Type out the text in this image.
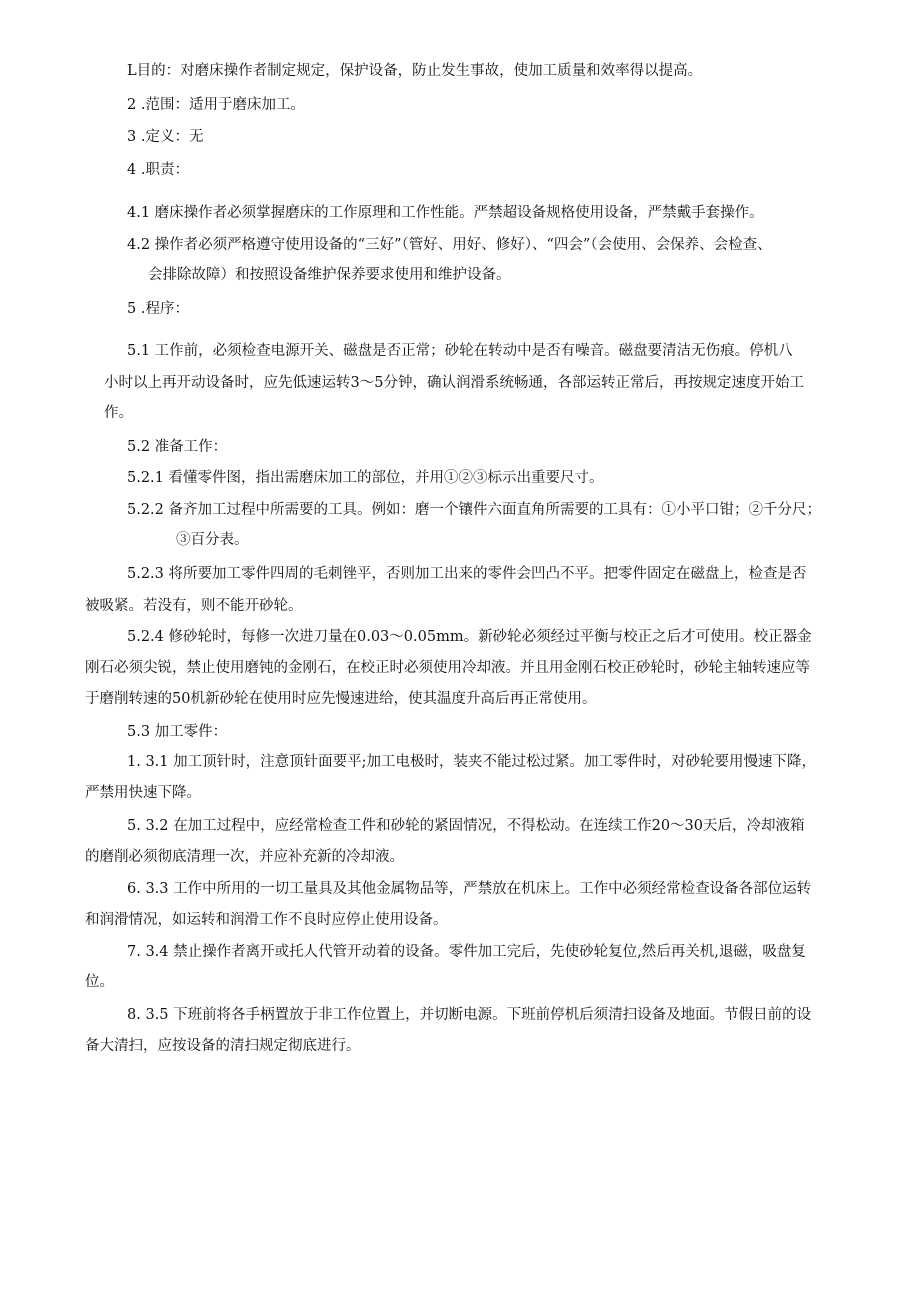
L目的：对磨床操作者制定规定，保护设备，防止发生事故，使加工质量和效率得以提高。
2 .范围：适用于磨床加工。
3 .定义：无
4 .职责：
4.1 磨床操作者必须掌握磨床的工作原理和工作性能。严禁超设备规格使用设备，严禁戴手套操作。
4.2 操作者必须严格遵守使用设备的“三好”（管好、用好、修好）、“四会”（会使用、会保养、会检查、
会排除故障）和按照设备维护保养要求使用和维护设备。
5 .程序：
5.1 工作前，必须检查电源开关、磁盘是否正常；砂轮在转动中是否有噪音。磁盘要清洁无伤痕。停机八
小时以上再开动设备时，应先低速运转3～5分钟，确认润滑系统畅通，各部运转正常后，再按规定速度开始工
作。
5.2 准备工作：
5.2.1 看懂零件图，指出需磨床加工的部位，并用①②③标示出重要尺寸。
5.2.2 备齐加工过程中所需要的工具。例如：磨一个镶件六面直角所需要的工具有：①小平口钳；②千分尺；
③百分表。
5.2.3 将所要加工零件四周的毛刺锉平，否则加工出来的零件会凹凸不平。把零件固定在磁盘上，检查是否
被吸紧。若没有，则不能开砂轮。
5.2.4 修砂轮时，每修一次进刀量在0.03～0.05mm。新砂轮必须经过平衡与校正之后才可使用。校正器金
刚石必须尖锐，禁止使用磨钝的金刚石，在校正时必须使用冷却液。并且用金刚石校正砂轮时，砂轮主轴转速应等
于磨削转速的50机新砂轮在使用时应先慢速进给，使其温度升高后再正常使用。
5.3 加工零件：
1. 3.1 加工顶针时，注意顶针面要平;加工电极时，装夹不能过松过紧。加工零件时，对砂轮要用慢速下降，
严禁用快速下降。
5. 3.2 在加工过程中，应经常检查工件和砂轮的紧固情况，不得松动。在连续工作20～30天后，冷却液箱
的磨削必须彻底清理一次，并应补充新的冷却液。
6. 3.3 工作中所用的一切工量具及其他金属物品等，严禁放在机床上。工作中必须经常检查设备各部位运转
和润滑情况，如运转和润滑工作不良时应停止使用设备。
7. 3.4 禁止操作者离开或托人代管开动着的设备。零件加工完后，先使砂轮复位,然后再关机,退磁，吸盘复
位。
8. 3.5 下班前将各手柄置放于非工作位置上，并切断电源。下班前停机后须清扫设备及地面。节假日前的设
备大清扫，应按设备的清扫规定彻底进行。
